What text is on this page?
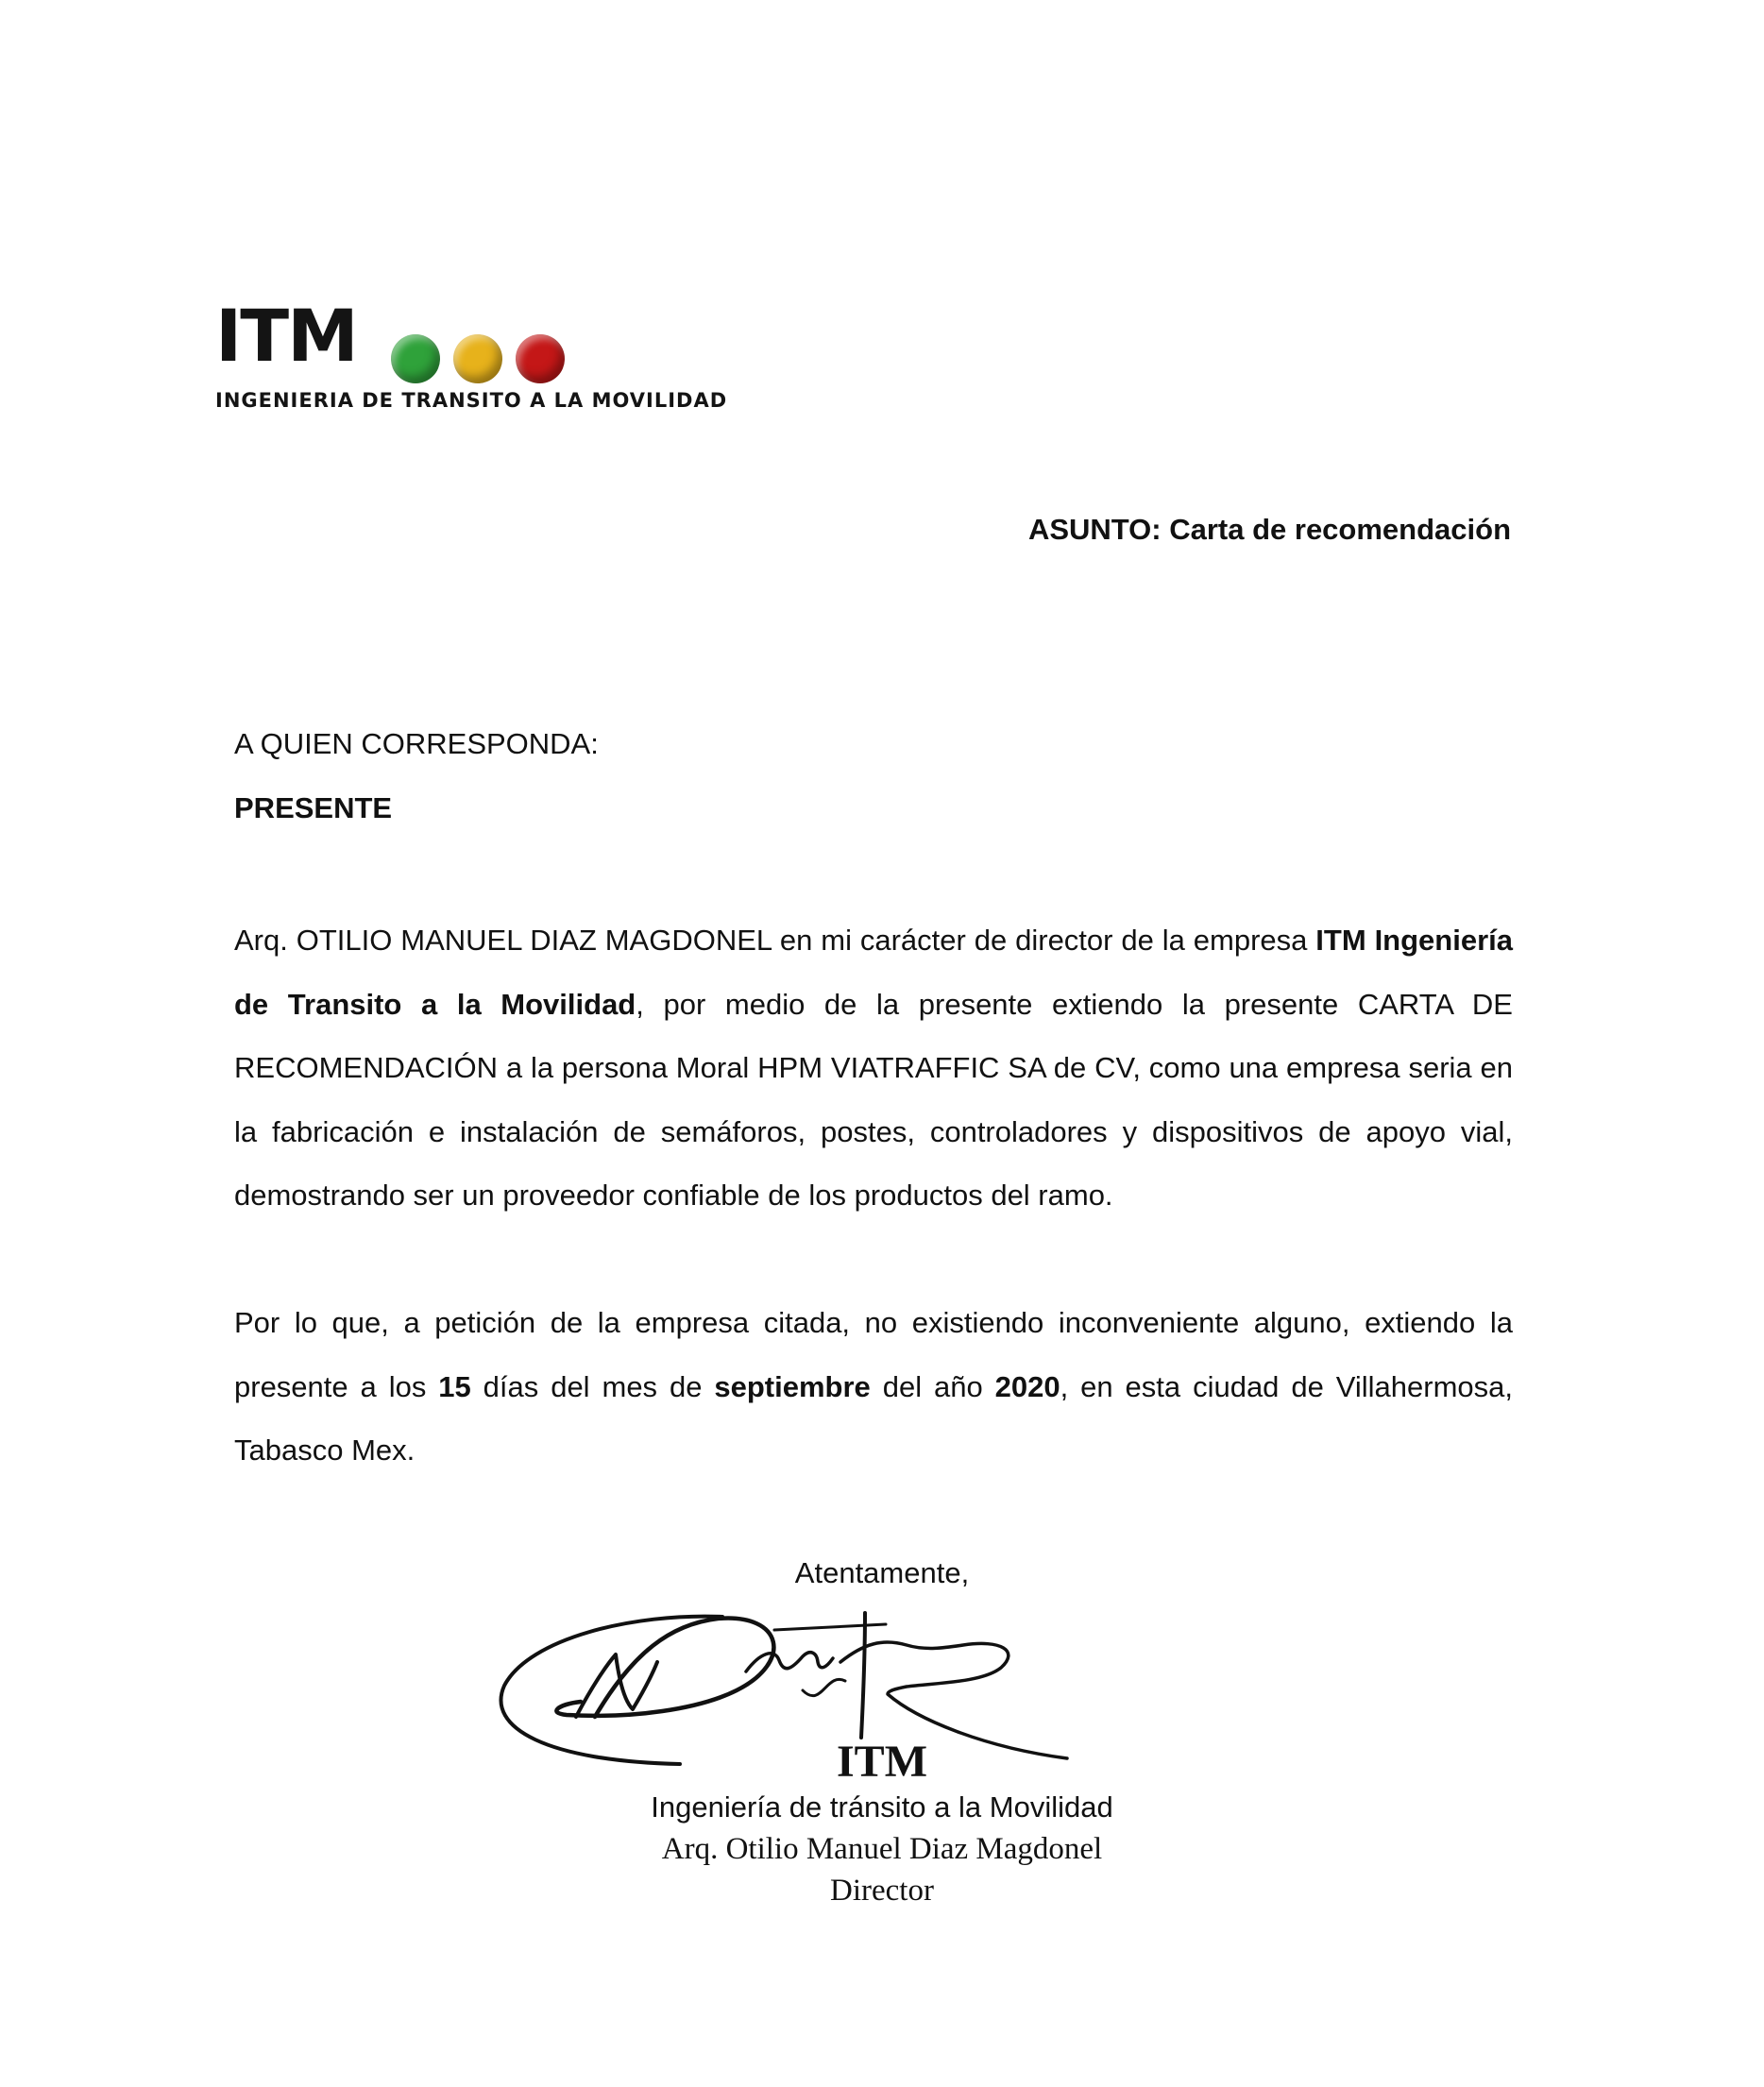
ITM
INGENIERIA DE TRANSITO A LA MOVILIDAD
ASUNTO: Carta de recomendación

A QUIEN CORRESPONDA:

PRESENTE

Arq. OTILIO MANUEL DIAZ MAGDONEL en mi carácter de director de la empresa ITM Ingeniería de Transito a la Movilidad, por medio de la presente extiendo la presente CARTA DE RECOMENDACIÓN a la persona Moral HPM VIATRAFFIC SA de CV, como una empresa seria en la fabricación e instalación de semáforos, postes, controladores y dispositivos de apoyo vial, demostrando ser un proveedor confiable de los productos del ramo.

Por lo que, a petición de la empresa citada, no existiendo inconveniente alguno, extiendo la presente a los 15 días del mes de septiembre del año 2020, en esta ciudad de Villahermosa, Tabasco Mex.

Atentamente,
ITM
Ingeniería de tránsito a la Movilidad
Arq. Otilio Manuel Diaz Magdonel
Director
